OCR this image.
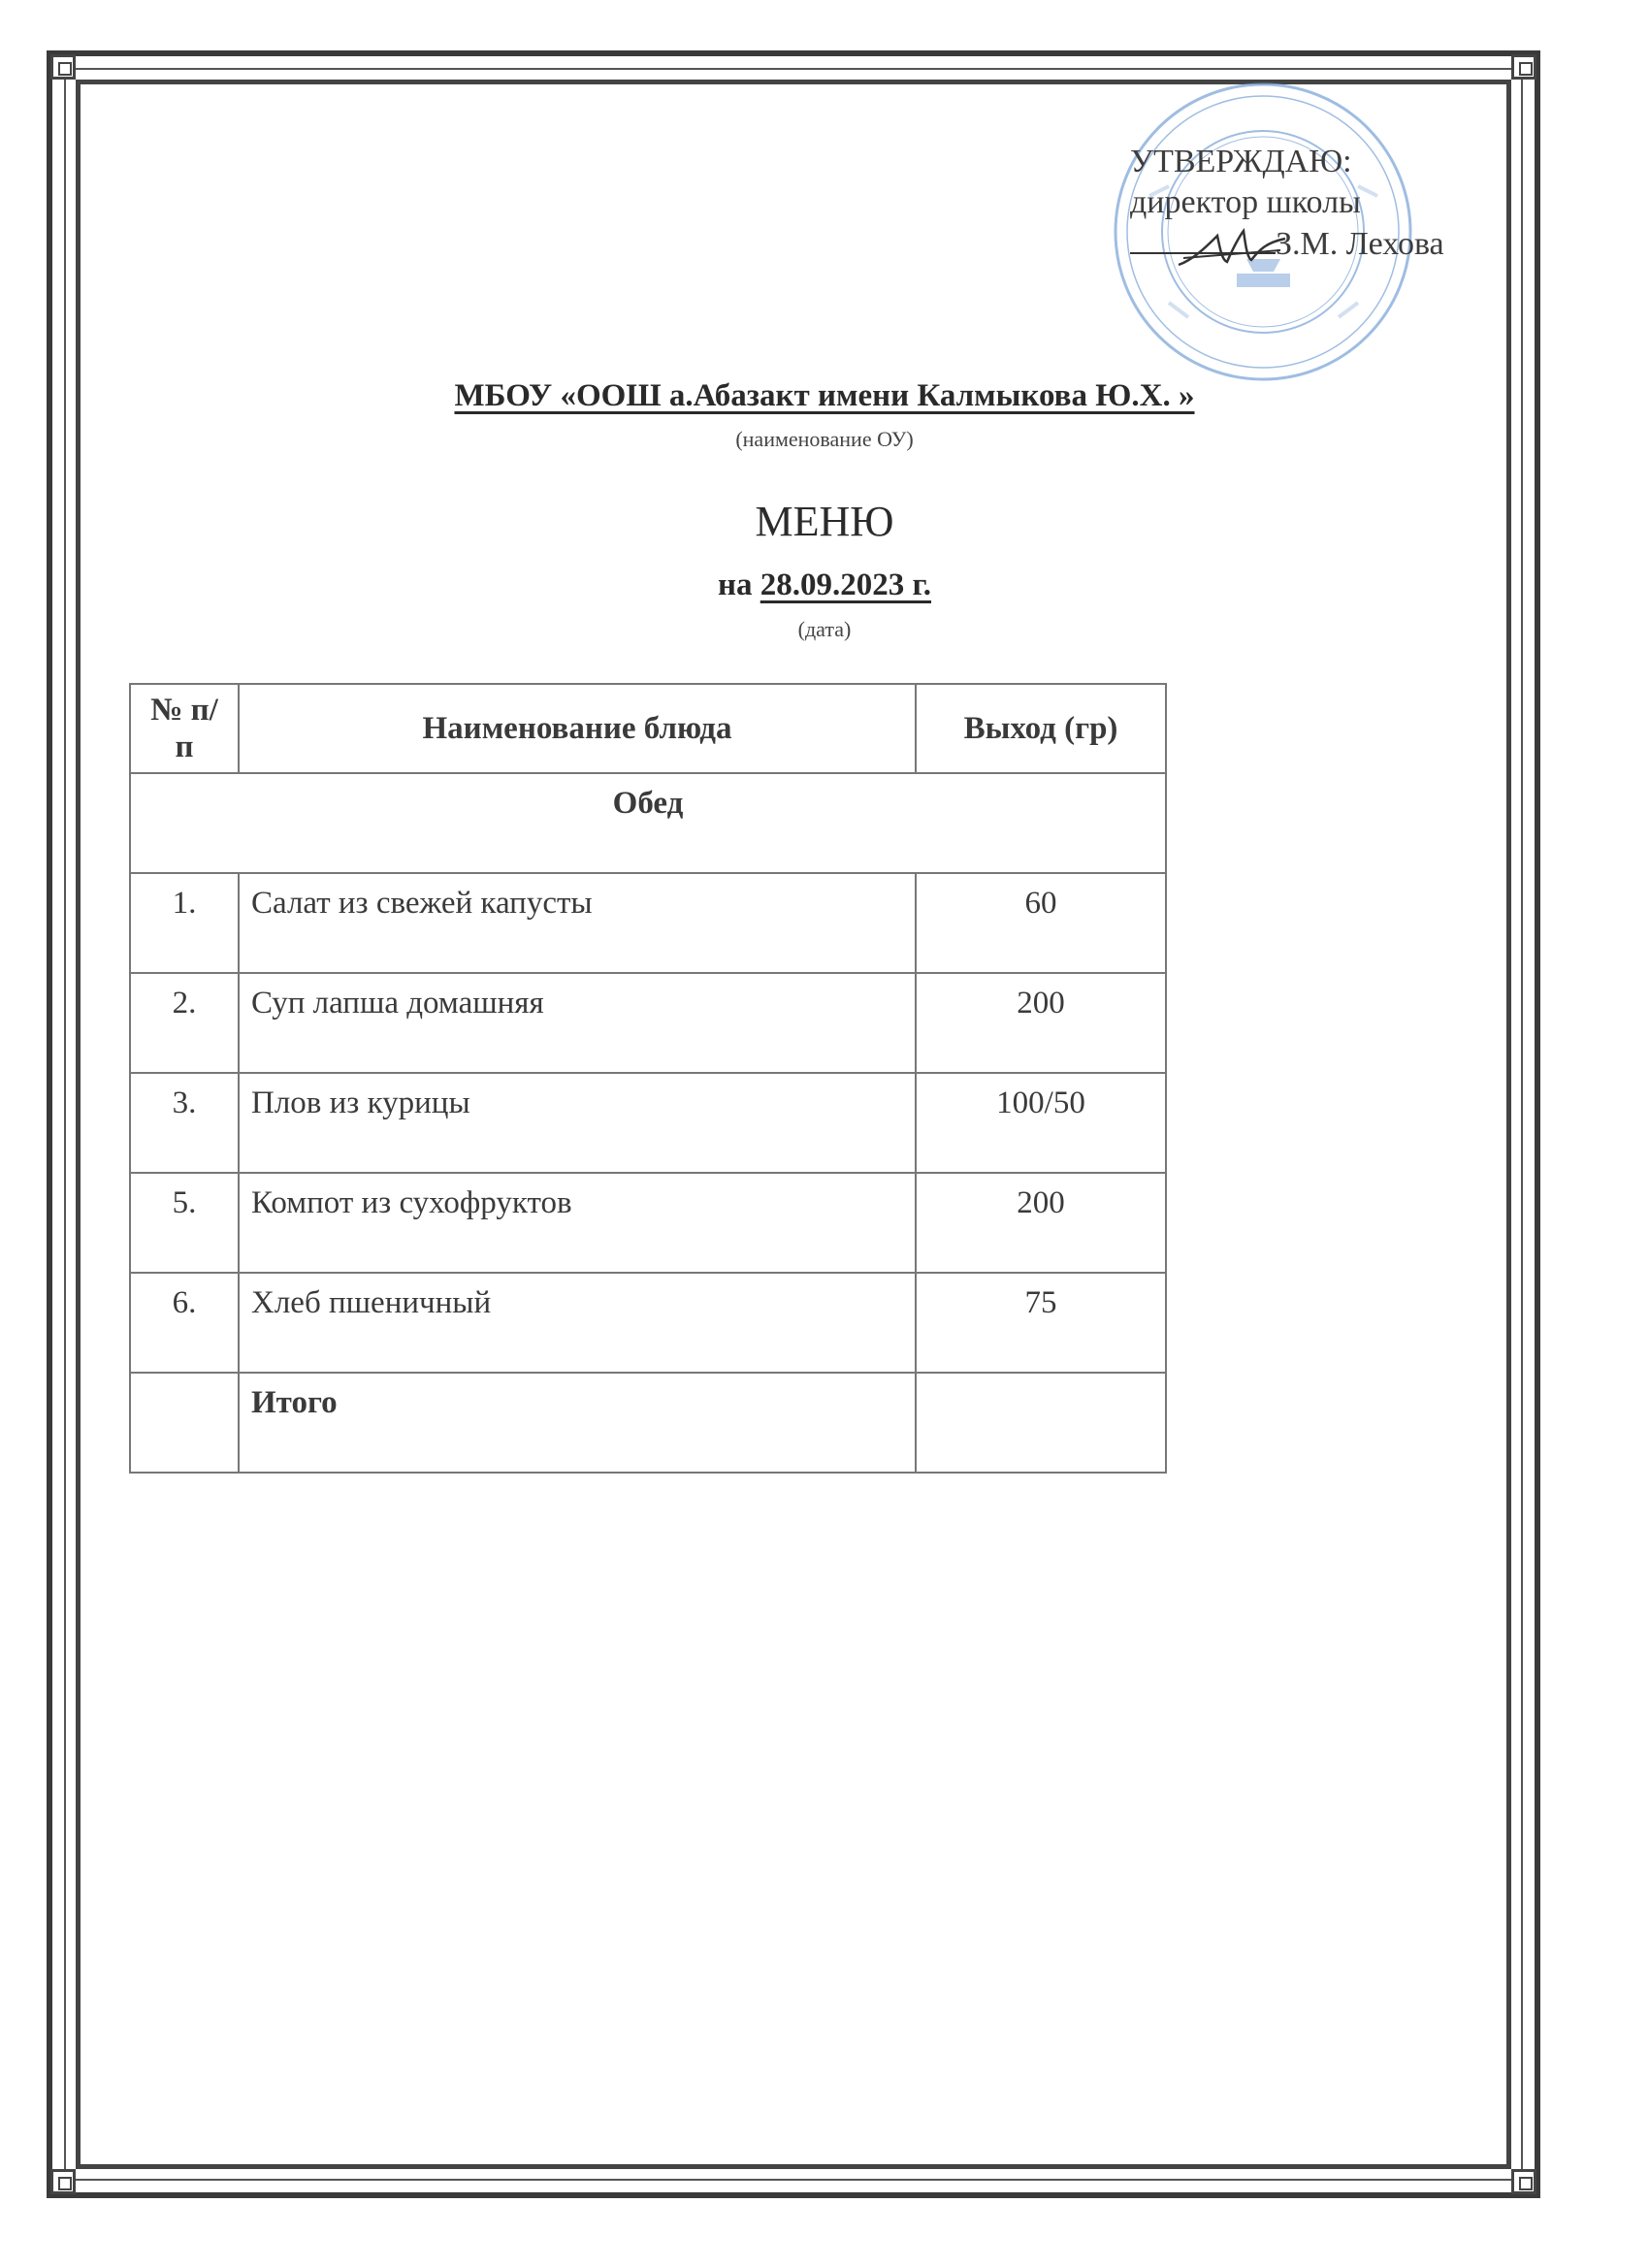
УТВЕРЖДАЮ:
директор школы
З.М. Лехова
МБОУ «ООШ а.Абазакт имени Калмыкова Ю.Х. »
(наименование ОУ)
МЕНЮ
на 28.09.2023 г.
(дата)
№ п/п	Наименование блюда	Выход (гр)
Обед		
1.	Салат из свежей капусты	60
2.	Суп лапша домашняя	200
3.	Плов из курицы	100/50
5.	Компот из сухофруктов	200
6.	Хлеб пшеничный	75
	Итого	
